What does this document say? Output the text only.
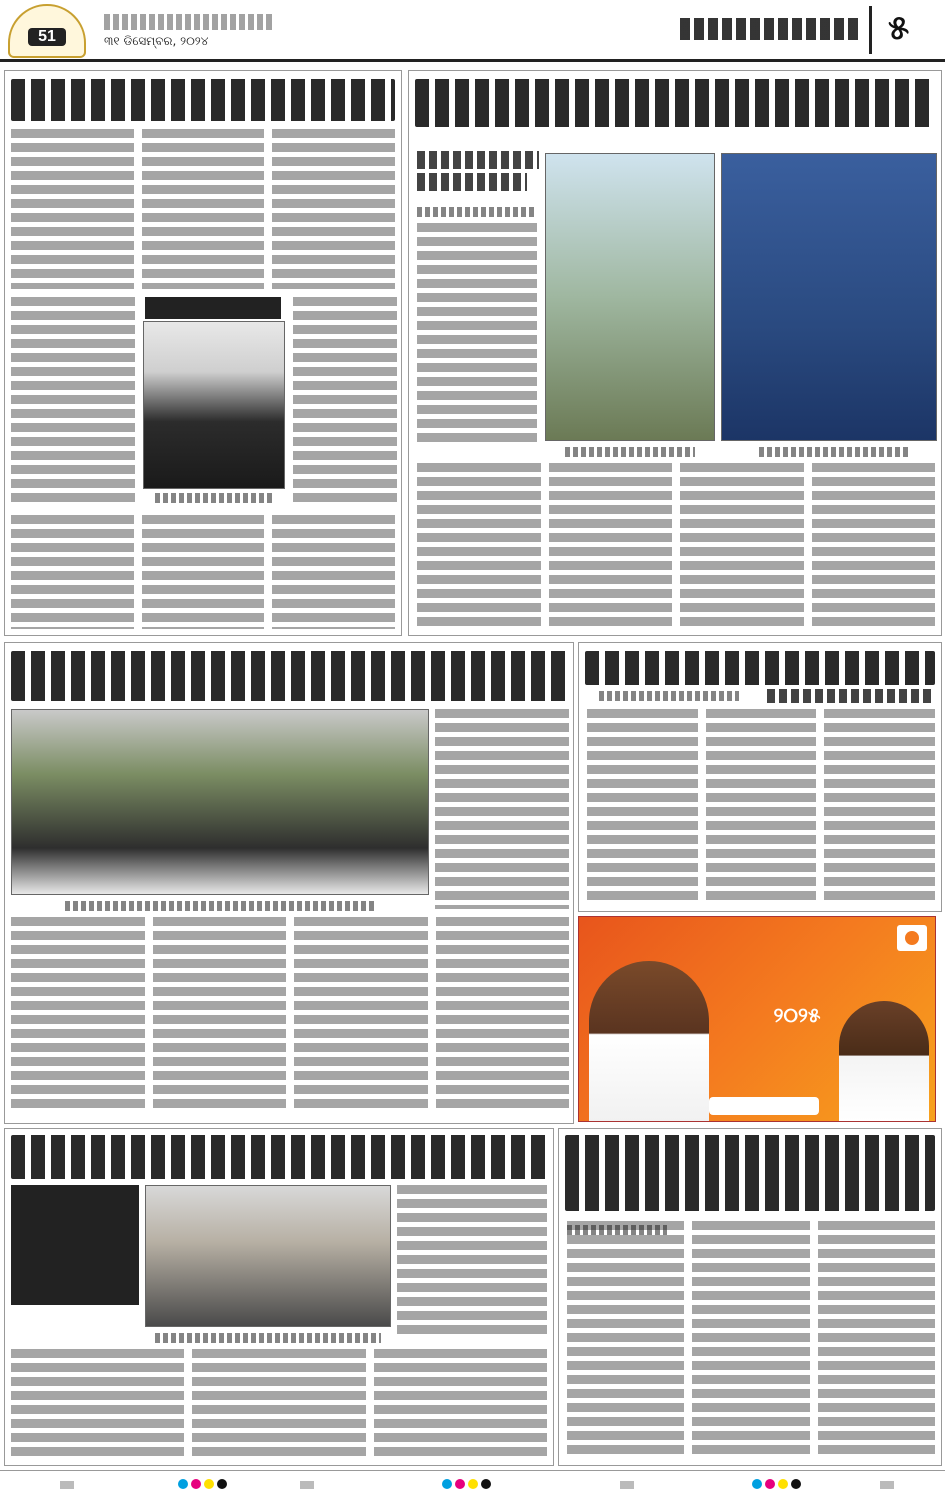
51	୩୧ ଡିସେମ୍ବର, ୨୦୨୪	୫
୨୦୨୫
